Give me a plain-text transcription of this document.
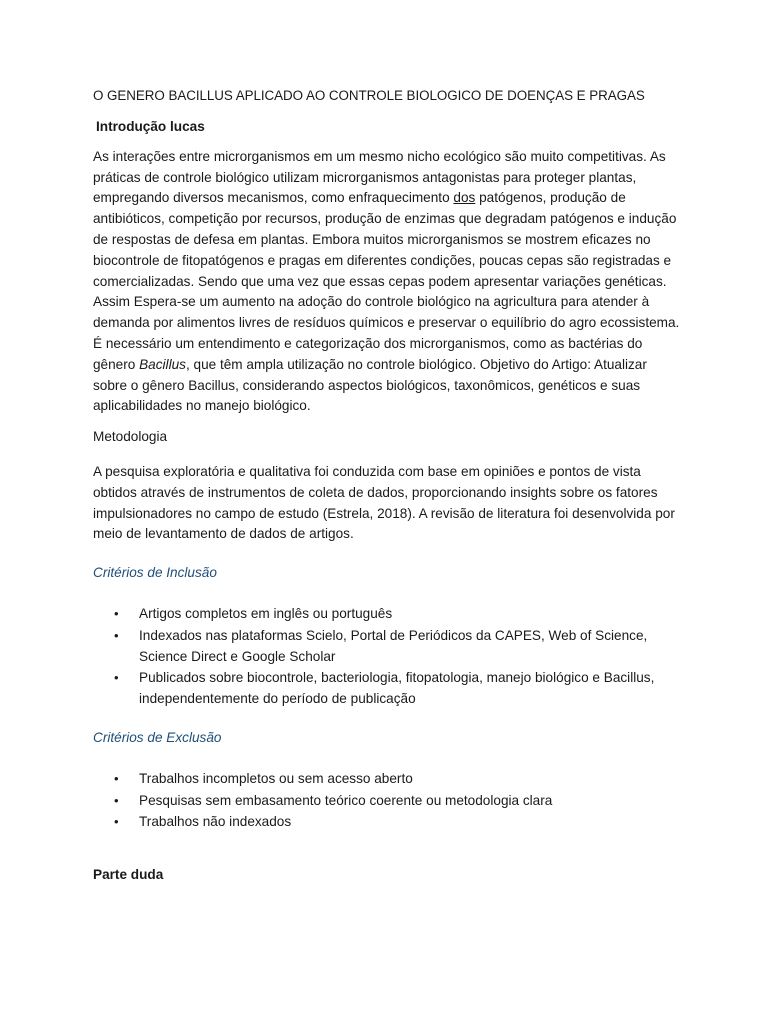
O GENERO BACILLUS APLICADO AO CONTROLE BIOLOGICO DE DOENÇAS E PRAGAS
Introdução lucas

As interações entre microrganismos em um mesmo nicho ecológico são muito competitivas. As práticas de controle biológico utilizam microrganismos antagonistas para proteger plantas, empregando diversos mecanismos, como enfraquecimento dos patógenos, produção de antibióticos, competição por recursos, produção de enzimas que degradam patógenos e indução de respostas de defesa em plantas. Embora muitos microrganismos se mostrem eficazes no biocontrole de fitopatógenos e pragas em diferentes condições, poucas cepas são registradas e comercializadas. Sendo que uma vez que essas cepas podem apresentar variações genéticas. Assim Espera-se um aumento na adoção do controle biológico na agricultura para atender à demanda por alimentos livres de resíduos químicos e preservar o equilíbrio do agro ecossistema. É necessário um entendimento e categorização dos microrganismos, como as bactérias do gênero Bacillus, que têm ampla utilização no controle biológico. Objetivo do Artigo: Atualizar sobre o gênero Bacillus, considerando aspectos biológicos, taxonômicos, genéticos e suas aplicabilidades no manejo biológico.

Metodologia

A pesquisa exploratória e qualitativa foi conduzida com base em opiniões e pontos de vista obtidos através de instrumentos de coleta de dados, proporcionando insights sobre os fatores impulsionadores no campo de estudo (Estrela, 2018). A revisão de literatura foi desenvolvida por meio de levantamento de dados de artigos.

Critérios de Inclusão
• Artigos completos em inglês ou português
• Indexados nas plataformas Scielo, Portal de Periódicos da CAPES, Web of Science, Science Direct e Google Scholar
• Publicados sobre biocontrole, bacteriologia, fitopatologia, manejo biológico e Bacillus, independentemente do período de publicação
Critérios de Exclusão
• Trabalhos incompletos ou sem acesso aberto
• Pesquisas sem embasamento teórico coerente ou metodologia clara
• Trabalhos não indexados
Parte duda
